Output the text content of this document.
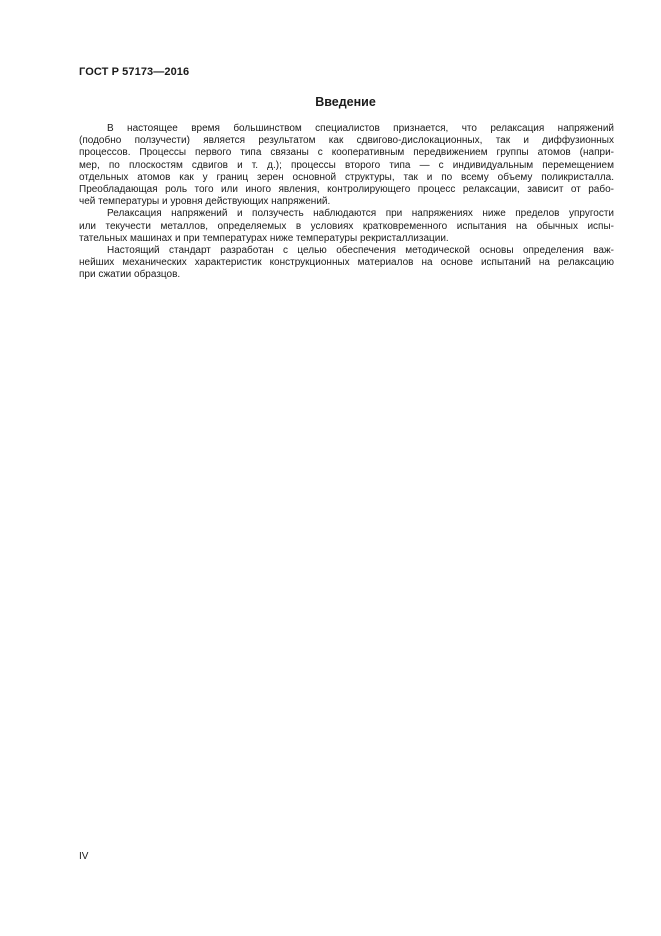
ГОСТ Р 57173—2016
Введение
В настоящее время большинством специалистов признается, что релаксация напряжений
(подобно ползучести) является результатом как сдвигово-дислокационных, так и диффузионных
процессов. Процессы первого типа связаны с кооперативным передвижением группы атомов (напри-
мер, по плоскостям сдвигов и т. д.); процессы второго типа — с индивидуальным перемещением
отдельных атомов как у границ зерен основной структуры, так и по всему объему поликристалла.
Преобладающая роль того или иного явления, контролирующего процесс релаксации, зависит от рабо-
чей температуры и уровня действующих напряжений.
Релаксация напряжений и ползучесть наблюдаются при напряжениях ниже пределов упругости
или текучести металлов, определяемых в условиях кратковременного испытания на обычных испы-
тательных машинах и при температурах ниже температуры рекристаллизации.
Настоящий стандарт разработан с целью обеспечения методической основы определения важ-
нейших механических характеристик конструкционных материалов на основе испытаний на релаксацию
при сжатии образцов.
IV
